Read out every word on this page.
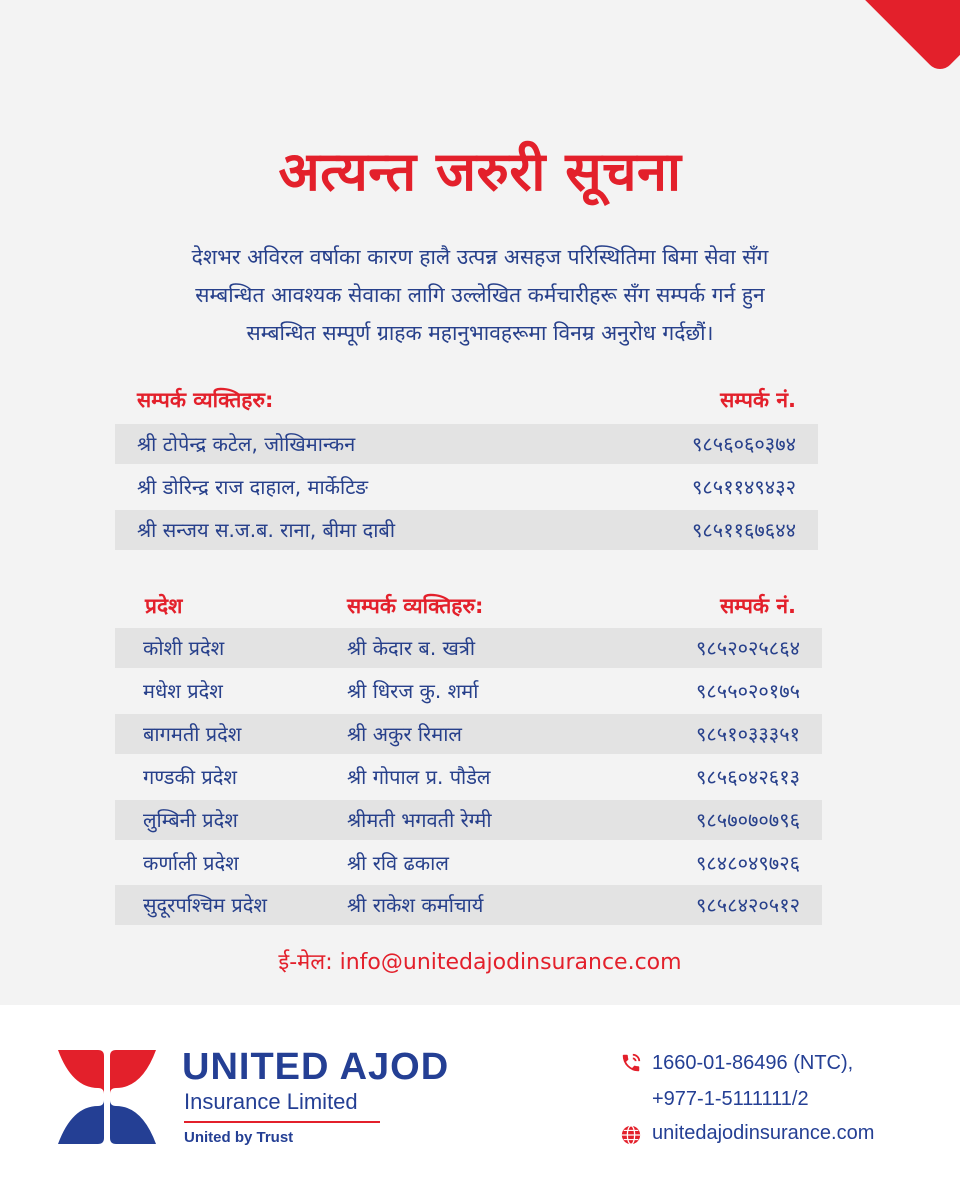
अत्यन्त जरुरी सूचना
देशभर अविरल वर्षाका कारण हालै उत्पन्न असहज परिस्थितिमा बिमा सेवा सँग
सम्बन्धित आवश्यक सेवाका लागि उल्लेखित कर्मचारीहरू सँग सम्पर्क गर्न हुन
सम्बन्धित सम्पूर्ण ग्राहक महानुभावहरूमा विनम्र अनुरोध गर्दछौं।
सम्पर्क व्यक्तिहरु:	सम्पर्क नं.
श्री टोपेन्द्र कटेल, जोखिमान्कन	९८५६०६०३७४
श्री डोरिन्द्र राज दाहाल, मार्केटिङ	९८५११४९४३२
श्री सन्जय स.ज.ब. राना, बीमा दाबी	९८५११६७६४४
प्रदेश	सम्पर्क व्यक्तिहरु:	सम्पर्क नं.
कोशी प्रदेश	श्री केदार ब. खत्री	९८५२०२५८६४
मधेश प्रदेश	श्री धिरज कु. शर्मा	९८५५०२०१७५
बागमती प्रदेश	श्री अकुर रिमाल	९८५१०३३३५१
गण्डकी प्रदेश	श्री गोपाल प्र. पौडेल	९८५६०४२६१३
लुम्बिनी प्रदेश	श्रीमती भगवती रेग्मी	९८५७०७०७९६
कर्णाली प्रदेश	श्री रवि ढकाल	९८४८०४९७२६
सुदूरपश्चिम प्रदेश	श्री राकेश कर्माचार्य	९८५८४२०५१२
ई-मेल: info@unitedajodinsurance.com
UNITED AJOD
Insurance Limited
United by Trust
1660-01-86496 (NTC),
+977-1-5111111/2
unitedajodinsurance.com
